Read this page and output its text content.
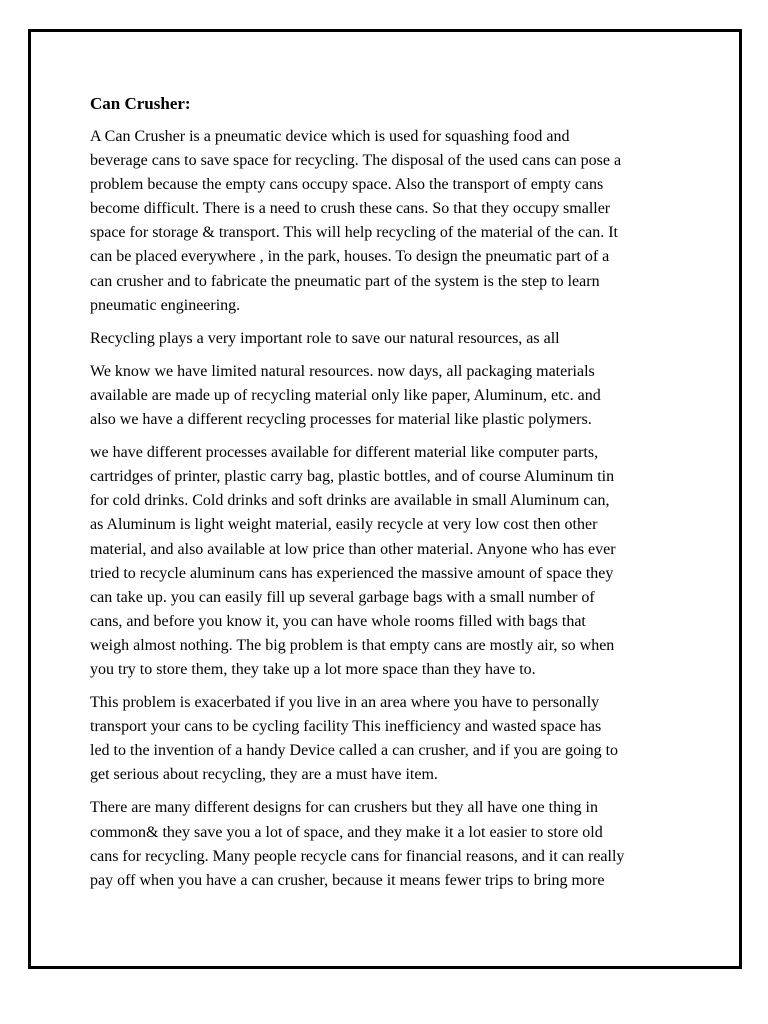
Can Crusher:
A Can Crusher is a pneumatic device which is used for squashing food and
beverage cans to save space for recycling. The disposal of the used cans can pose a
problem because the empty cans occupy space. Also the transport of empty cans
become difficult. There is a need to crush these cans. So that they occupy smaller
space for storage & transport. This will help recycling of the material of the can. It
can be placed everywhere , in the park, houses. To design the pneumatic part of a
can crusher and to fabricate the pneumatic part of the system is the step to learn
pneumatic engineering.
Recycling plays a very important role to save our natural resources, as all
We know we have limited natural resources. now days, all packaging materials
available are made up of recycling material only like paper, Aluminum, etc. and
also we have a different recycling processes for material like plastic polymers.
we have different processes available for different material like computer parts,
cartridges of printer, plastic carry bag, plastic bottles, and of course Aluminum tin
for cold drinks. Cold drinks and soft drinks are available in small Aluminum can,
as Aluminum is light weight material, easily recycle at very low cost then other
material, and also available at low price than other material. Anyone who has ever
tried to recycle aluminum cans has experienced the massive amount of space they
can take up. you can easily fill up several garbage bags with a small number of
cans, and before you know it, you can have whole rooms filled with bags that
weigh almost nothing. The big problem is that empty cans are mostly air, so when
you try to store them, they take up a lot more space than they have to.
This problem is exacerbated if you live in an area where you have to personally
transport your cans to be cycling facility This inefficiency and wasted space has
led to the invention of a handy Device called a can crusher, and if you are going to
get serious about recycling, they are a must have item.
There are many different designs for can crushers but they all have one thing in
common& they save you a lot of space, and they make it a lot easier to store old
cans for recycling. Many people recycle cans for financial reasons, and it can really
pay off when you have a can crusher, because it means fewer trips to bring more
